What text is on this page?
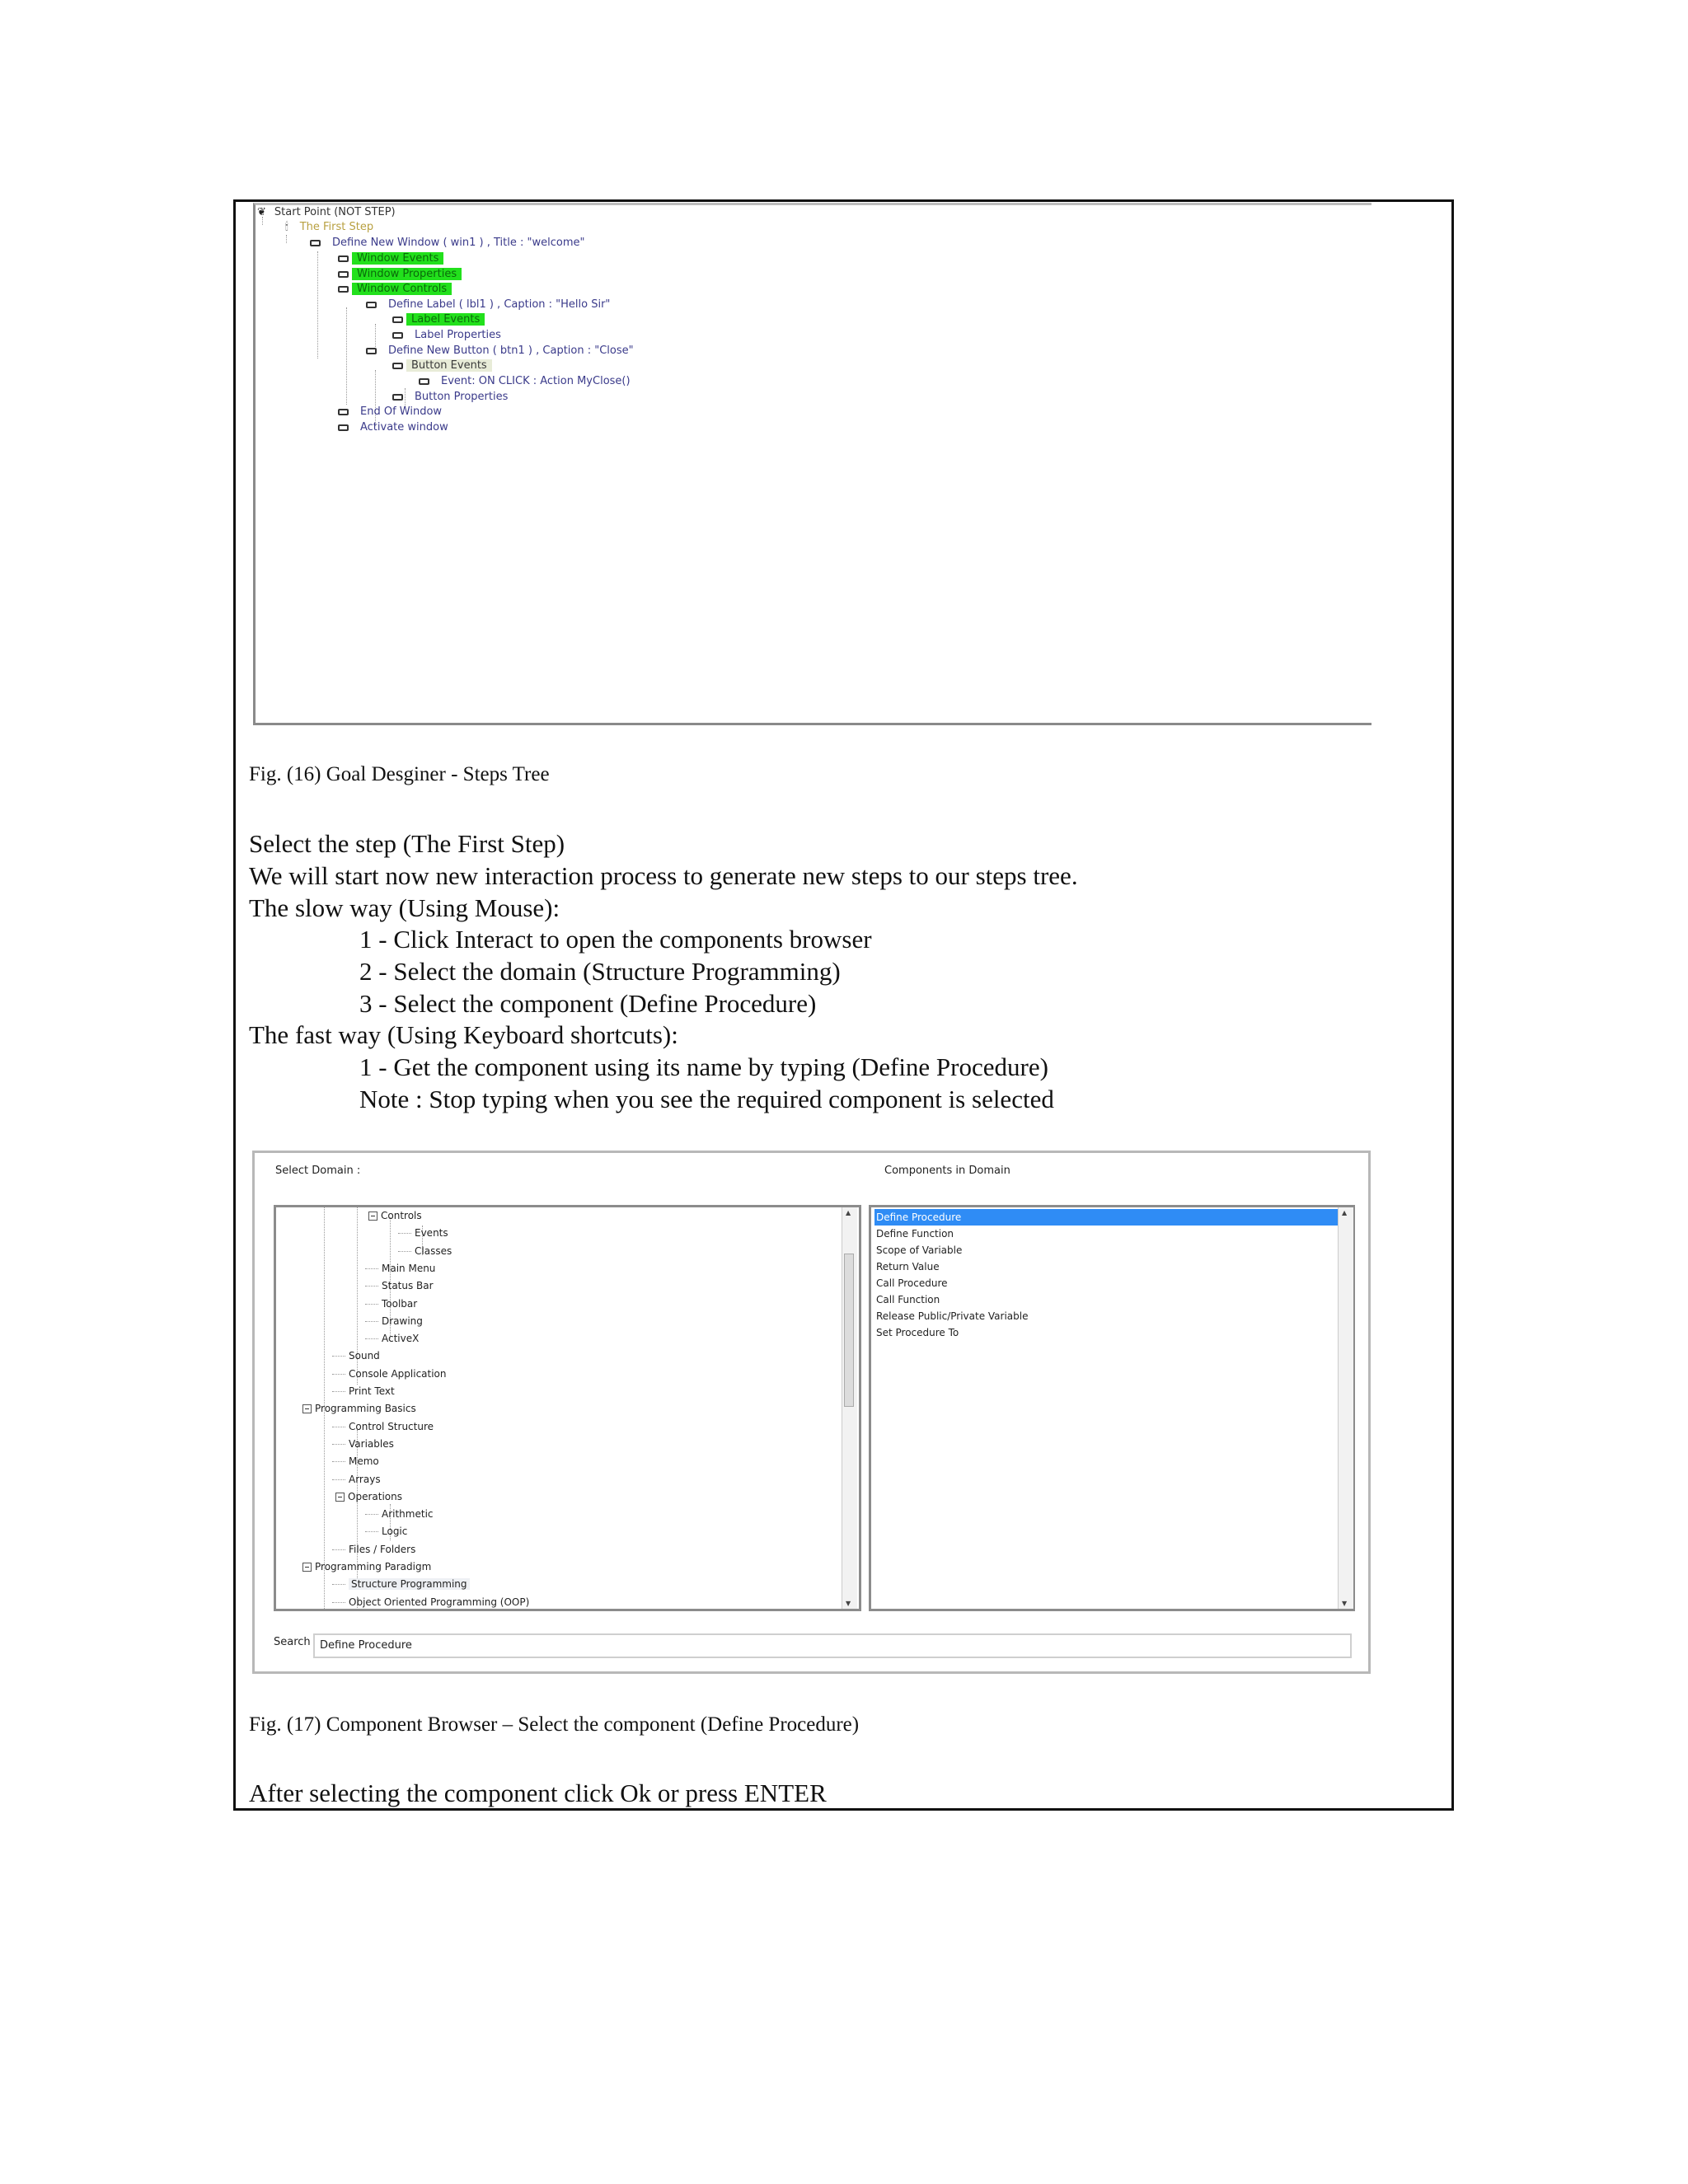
❦ Start Point (NOT STEP)
🕯 The First Step
Define New Window ( win1 ) , Title : "welcome"
Window Events
Window Properties
Window Controls
Define Label ( lbl1 ) , Caption : "Hello Sir"
Label Events
Label Properties
Define New Button ( btn1 ) , Caption : "Close"
Button Events
Event: ON CLICK : Action MyClose()
Button Properties
End Of Window
Activate window
Fig. (16) Goal Desginer - Steps Tree
Select the step (The First Step)
We will start now new interaction process to generate new steps to our steps tree.
The slow way (Using Mouse):
1 - Click Interact to open the components browser
2 - Select the domain (Structure Programming)
3 - Select the component (Define Procedure)
The fast way (Using Keyboard shortcuts):
1 - Get the component using its name by typing (Define Procedure)
Note : Stop typing when you see the required component is selected
Select Domain :	Components in Domain
Controls
Events
Classes
Main Menu
Status Bar
Toolbar
Drawing
ActiveX
Sound
Console Application
Print Text
Programming Basics
Control Structure
Variables
Memo
Arrays
Operations
Arithmetic
Logic
Files / Folders
Programming Paradigm
Structure Programming
Object Oriented Programming (OOP)
▲
▼
Define Procedure
Define Function
Scope of Variable
Return Value
Call Procedure
Call Function
Release Public/Private Variable
Set Procedure To
▲
▼
Search Define Procedure
Fig. (17) Component Browser – Select the component (Define Procedure)
After selecting the component click Ok or press ENTER
